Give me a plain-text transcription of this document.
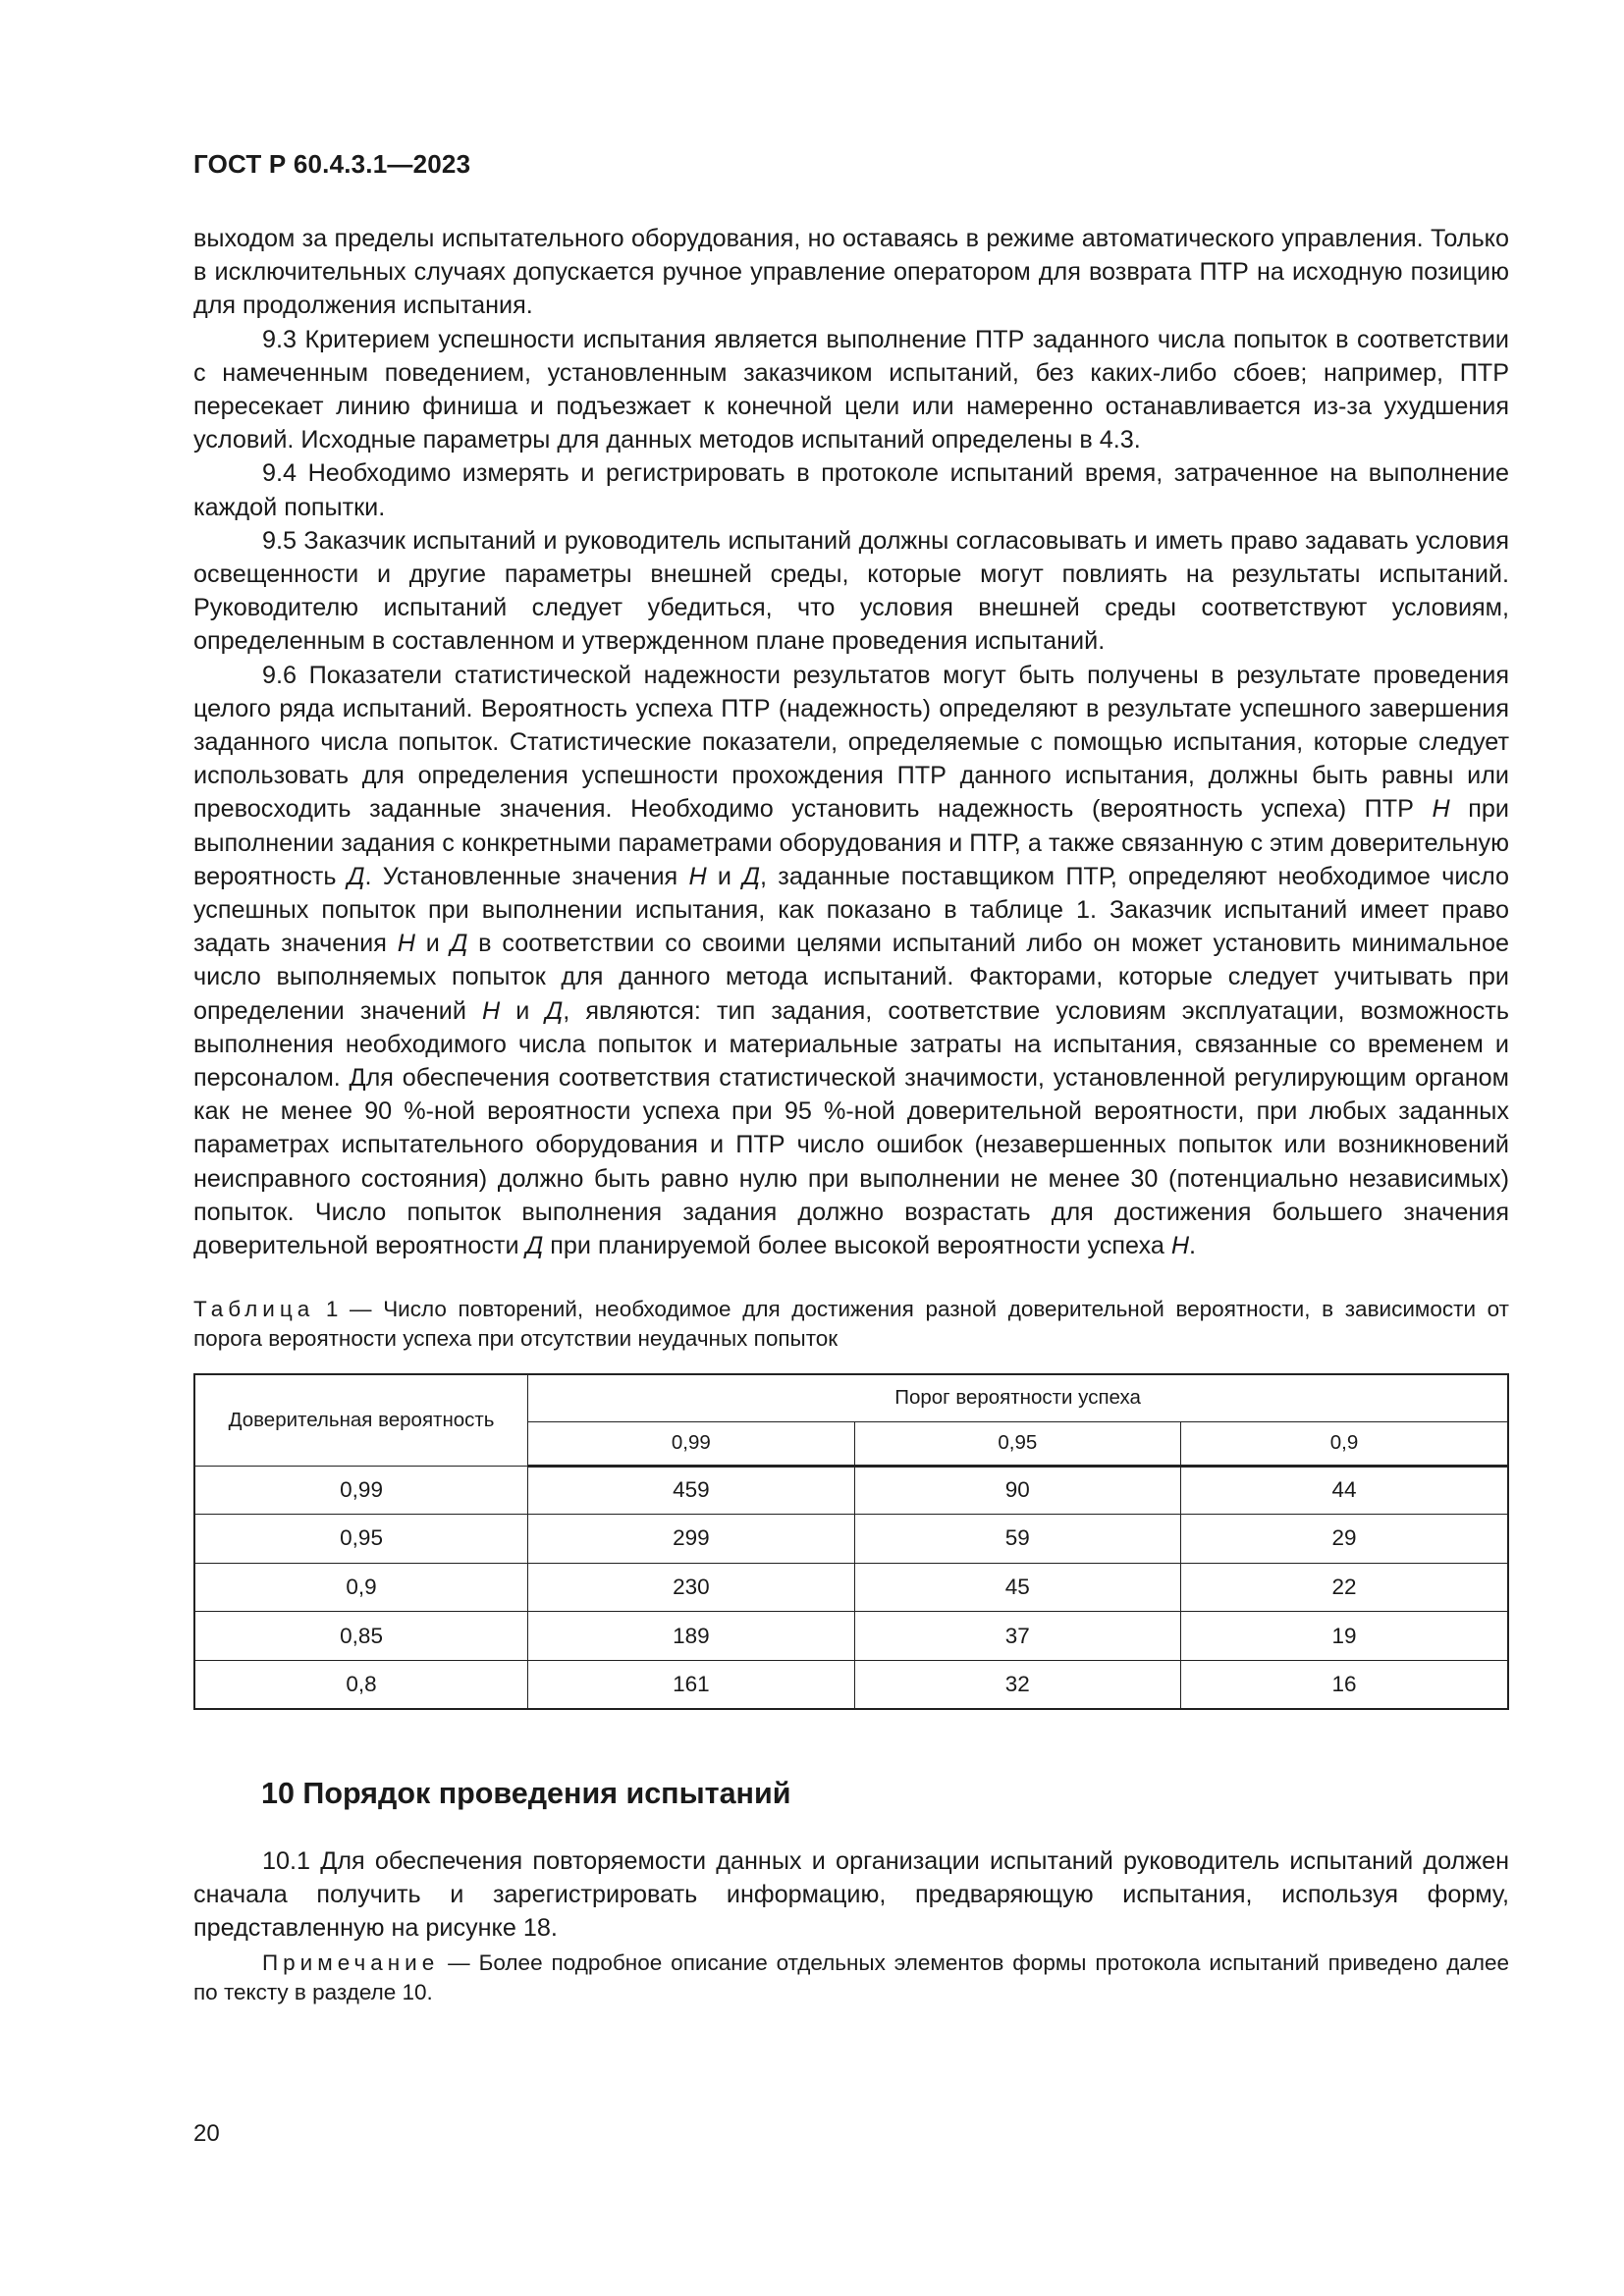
ГОСТ Р 60.4.3.1—2023

выходом за пределы испытательного оборудования, но оставаясь в режиме автоматического управления. Только в исключительных случаях допускается ручное управление оператором для возврата ПТР на исходную позицию для продолжения испытания.

9.3 Критерием успешности испытания является выполнение ПТР заданного числа попыток в соответствии с намеченным поведением, установленным заказчиком испытаний, без каких-либо сбоев; например, ПТР пересекает линию финиша и подъезжает к конечной цели или намеренно останавливается из-за ухудшения условий. Исходные параметры для данных методов испытаний определены в 4.3.

9.4 Необходимо измерять и регистрировать в протоколе испытаний время, затраченное на выполнение каждой попытки.

9.5 Заказчик испытаний и руководитель испытаний должны согласовывать и иметь право задавать условия освещенности и другие параметры внешней среды, которые могут повлиять на результаты испытаний. Руководителю испытаний следует убедиться, что условия внешней среды соответствуют условиям, определенным в составленном и утвержденном плане проведения испытаний.

9.6 Показатели статистической надежности результатов могут быть получены в результате проведения целого ряда испытаний. Вероятность успеха ПТР (надежность) определяют в результате успешного завершения заданного числа попыток. Статистические показатели, определяемые с помощью испытания, которые следует использовать для определения успешности прохождения ПТР данного испытания, должны быть равны или превосходить заданные значения. Необходимо установить надежность (вероятность успеха) ПТР Н при выполнении задания с конкретными параметрами оборудования и ПТР, а также связанную с этим доверительную вероятность Д. Установленные значения Н и Д, заданные поставщиком ПТР, определяют необходимое число успешных попыток при выполнении испытания, как показано в таблице 1. Заказчик испытаний имеет право задать значения Н и Д в соответствии со своими целями испытаний либо он может установить минимальное число выполняемых попыток для данного метода испытаний. Факторами, которые следует учитывать при определении значений Н и Д, являются: тип задания, соответствие условиям эксплуатации, возможность выполнения необходимого числа попыток и материальные затраты на испытания, связанные со временем и персоналом. Для обеспечения соответствия статистической значимости, установленной регулирующим органом как не менее 90 %-ной вероятности успеха при 95 %-ной доверительной вероятности, при любых заданных параметрах испытательного оборудования и ПТР число ошибок (незавершенных попыток или возникновений неисправного состояния) должно быть равно нулю при выполнении не менее 30 (потенциально независимых) попыток. Число попыток выполнения задания должно возрастать для достижения большего значения доверительной вероятности Д при планируемой более высокой вероятности успеха Н.

Таблица 1 — Число повторений, необходимое для достижения разной доверительной вероятности, в зависимости от порога вероятности успеха при отсутствии неудачных попыток
Доверительная вероятность	Порог вероятности успеха		
	0,99	0,95	0,9
0,99	459	90	44
0,95	299	59	29
0,9	230	45	22
0,85	189	37	19
0,8	161	32	16
10 Порядок проведения испытаний

10.1 Для обеспечения повторяемости данных и организации испытаний руководитель испытаний должен сначала получить и зарегистрировать информацию, предваряющую испытания, используя форму, представленную на рисунке 18.

Примечание — Более подробное описание отдельных элементов формы протокола испытаний приведено далее по тексту в разделе 10.
20
